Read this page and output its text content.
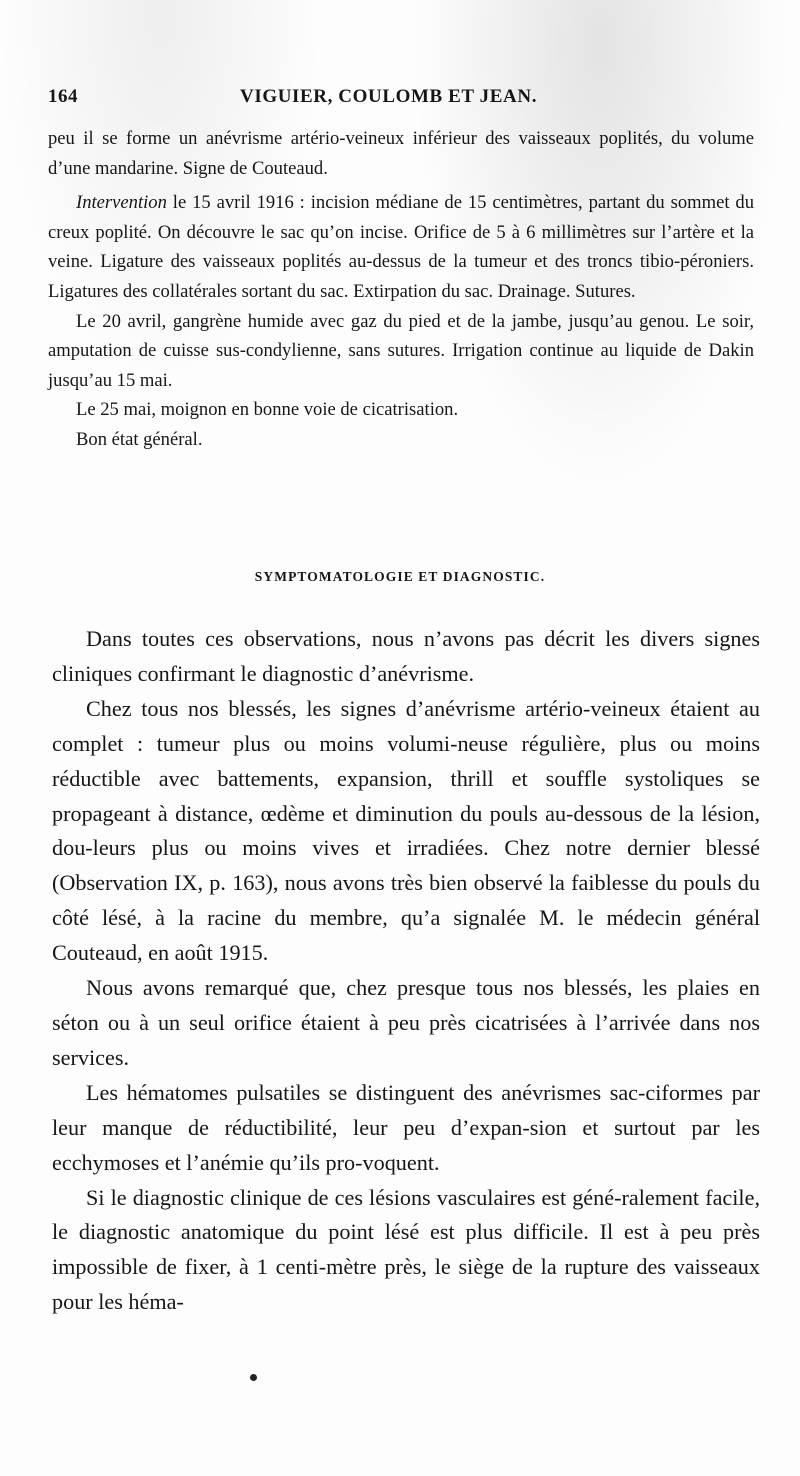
164	VIGUIER, COULOMB ET JEAN.

peu il se forme un anévrisme artério-veineux inférieur des vaisseaux poplités, du volume d’une mandarine. Signe de Couteaud.

Intervention le 15 avril 1916 : incision médiane de 15 centimètres, partant du sommet du creux poplité. On découvre le sac qu’on incise. Orifice de 5 à 6 millimètres sur l’artère et la veine. Ligature des vaisseaux poplités au-dessus de la tumeur et des troncs tibio-péroniers. Ligatures des collatérales sortant du sac. Extirpation du sac. Drainage. Sutures.

Le 20 avril, gangrène humide avec gaz du pied et de la jambe, jusqu’au genou. Le soir, amputation de cuisse sus-condylienne, sans sutures. Irrigation continue au liquide de Dakin jusqu’au 15 mai.

Le 25 mai, moignon en bonne voie de cicatrisation.

Bon état général.

SYMPTOMATOLOGIE ET DIAGNOSTIC.

Dans toutes ces observations, nous n’avons pas décrit les divers signes cliniques confirmant le diagnostic d’anévrisme.

Chez tous nos blessés, les signes d’anévrisme artério-veineux étaient au complet : tumeur plus ou moins volumi-neuse régulière, plus ou moins réductible avec battements, expansion, thrill et souffle systoliques se propageant à distance, œdème et diminution du pouls au-dessous de la lésion, dou-leurs plus ou moins vives et irradiées. Chez notre dernier blessé (Observation IX, p. 163), nous avons très bien observé la faiblesse du pouls du côté lésé, à la racine du membre, qu’a signalée M. le médecin général Couteaud, en août 1915.

Nous avons remarqué que, chez presque tous nos blessés, les plaies en séton ou à un seul orifice étaient à peu près cicatrisées à l’arrivée dans nos services.

Les hématomes pulsatiles se distinguent des anévrismes sac-ciformes par leur manque de réductibilité, leur peu d’expan-sion et surtout par les ecchymoses et l’anémie qu’ils pro-voquent.

Si le diagnostic clinique de ces lésions vasculaires est géné-ralement facile, le diagnostic anatomique du point lésé est plus difficile. Il est à peu près impossible de fixer, à 1 centi-mètre près, le siège de la rupture des vaisseaux pour les héma-
